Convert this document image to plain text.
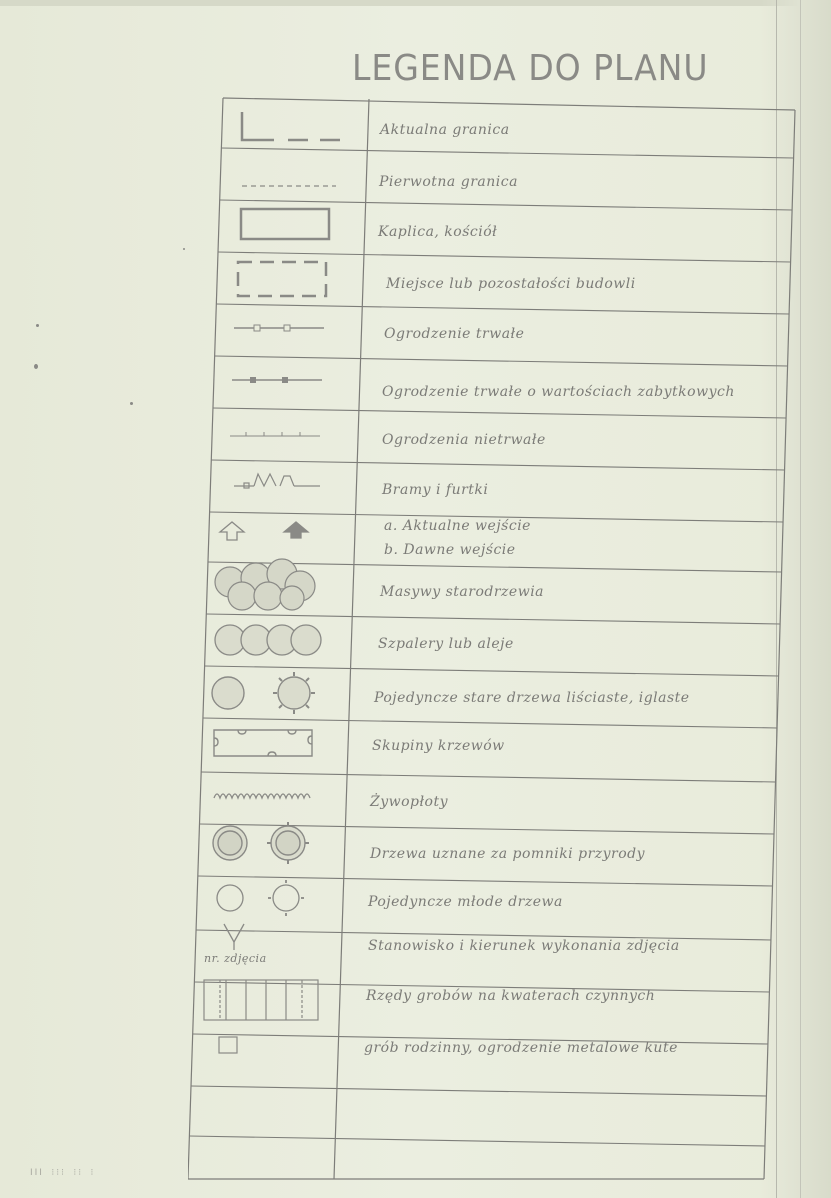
LEGENDA DO PLANU
Aktualna granica
Pierwotna granica
Kaplica, kościół
Miejsce lub pozostałości budowli
Ogrodzenie trwałe
Ogrodzenie trwałe o wartościach zabytkowych
Ogrodzenia nietrwałe
Bramy i furtki
a. Aktualne wejście
b. Dawne wejście
Masywy starodrzewia
Szpalery lub aleje
Pojedyncze stare drzewa liściaste, iglaste
Skupiny krzewów
Żywopłoty
Drzewa uznane za pomniki przyrody
Pojedyncze młode drzewa
nr. zdjęcia
Stanowisko i kierunek wykonania zdjęcia
Rzędy grobów na kwaterach czynnych
grób rodzinny, ogrodzenie metalowe kute
ⅠⅠⅠ ⁝⁝⁝ ⁝⁝ ⁝
